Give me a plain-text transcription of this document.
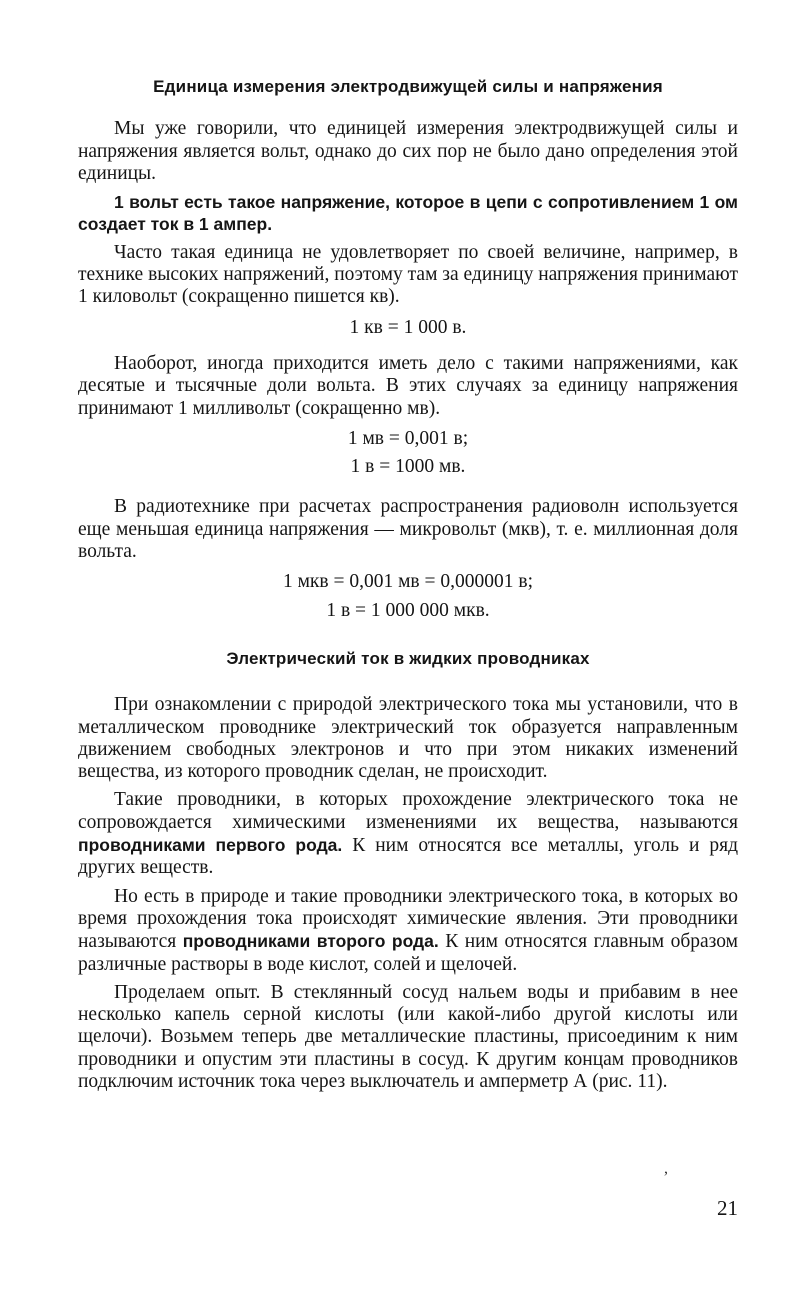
Единица измерения электродвижущей силы и напряжения

Мы уже говорили, что единицей измерения электродвижущей силы и напряжения является вольт, однако до сих пор не было дано определения этой единицы.

1 вольт есть такое напряжение, которое в цепи с сопротивлением 1 ом создает ток в 1 ампер.

Часто такая единица не удовлетворяет по своей величине, например, в технике высоких напряжений, поэтому там за единицу напряжения принимают 1 киловольт (сокращенно пишется кв).

1 кв = 1 000 в.

Наоборот, иногда приходится иметь дело с такими напряжениями, как десятые и тысячные доли вольта. В этих случаях за единицу напряжения принимают 1 милливольт (сокращенно мв).

1 мв = 0,001 в;
1 в = 1000 мв.

В радиотехнике при расчетах распространения радиоволн используется еще меньшая единица напряжения — микровольт (мкв), т. е. миллионная доля вольта.

1 мкв = 0,001 мв = 0,000001 в;
1 в = 1 000 000 мкв.
Электрический ток в жидких проводниках

При ознакомлении с природой электрического тока мы установили, что в металлическом проводнике электрический ток образуется направленным движением свободных электронов и что при этом никаких изменений вещества, из которого проводник сделан, не происходит.

Такие проводники, в которых прохождение электрического тока не сопровождается химическими изменениями их вещества, называются проводниками первого рода. К ним относятся все металлы, уголь и ряд других веществ.

Но есть в природе и такие проводники электрического тока, в которых во время прохождения тока происходят химические явления. Эти проводники называются проводниками второго рода. К ним относятся главным образом различные растворы в воде кислот, солей и щелочей.

Проделаем опыт. В стеклянный сосуд нальем воды и прибавим в нее несколько капель серной кислоты (или какой-либо другой кислоты или щелочи). Возьмем теперь две металлические пластины, присоединим к ним проводники и опустим эти пластины в сосуд. К другим концам проводников подключим источник тока через выключатель и амперметр А (рис. 11).

,
21
